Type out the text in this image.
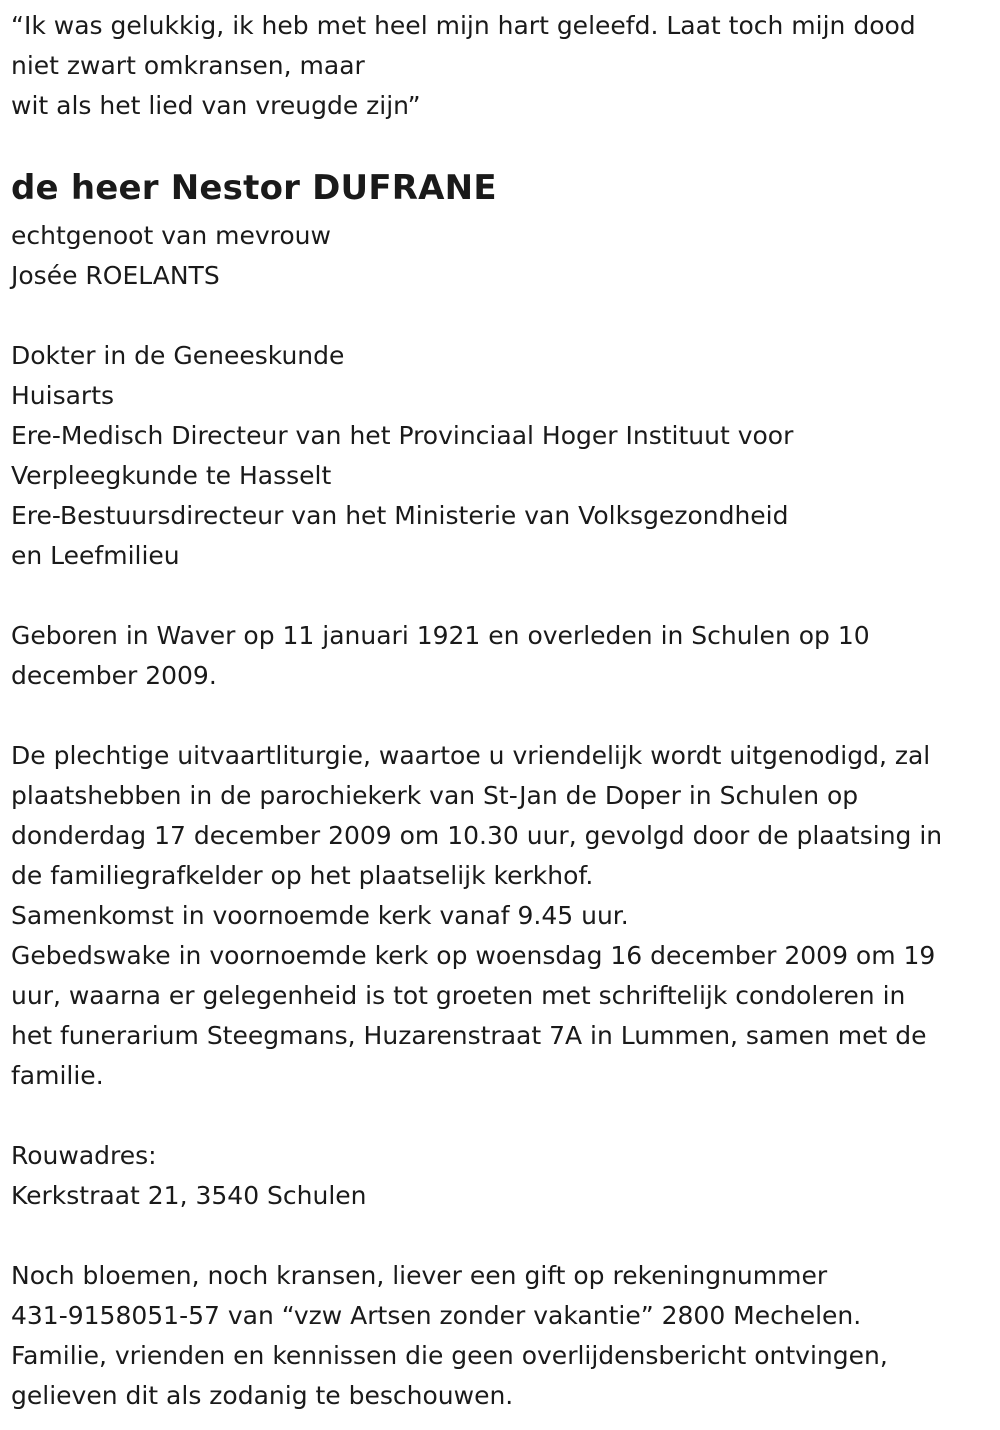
“Ik was gelukkig, ik heb met heel mijn hart geleefd. Laat toch mijn dood
niet zwart omkransen, maar
wit als het lied van vreugde zijn”
de heer Nestor DUFRANE
echtgenoot van mevrouw
Josée ROELANTS
Dokter in de Geneeskunde
Huisarts
Ere-Medisch Directeur van het Provinciaal Hoger Instituut voor
Verpleegkunde te Hasselt
Ere-Bestuursdirecteur van het Ministerie van Volksgezondheid
en Leefmilieu
Geboren in Waver op 11 januari 1921 en overleden in Schulen op 10
december 2009.
De plechtige uitvaartliturgie, waartoe u vriendelijk wordt uitgenodigd, zal
plaatshebben in de parochiekerk van St-Jan de Doper in Schulen op
donderdag 17 december 2009 om 10.30 uur, gevolgd door de plaatsing in
de familiegrafkelder op het plaatselijk kerkhof.
Samenkomst in voornoemde kerk vanaf 9.45 uur.
Gebedswake in voornoemde kerk op woensdag 16 december 2009 om 19
uur, waarna er gelegenheid is tot groeten met schriftelijk condoleren in
het funerarium Steegmans, Huzarenstraat 7A in Lummen, samen met de
familie.
Rouwadres:
Kerkstraat 21, 3540 Schulen
Noch bloemen, noch kransen, liever een gift op rekeningnummer
431-9158051-57 van “vzw Artsen zonder vakantie” 2800 Mechelen.
Familie, vrienden en kennissen die geen overlijdensbericht ontvingen,
gelieven dit als zodanig te beschouwen.
